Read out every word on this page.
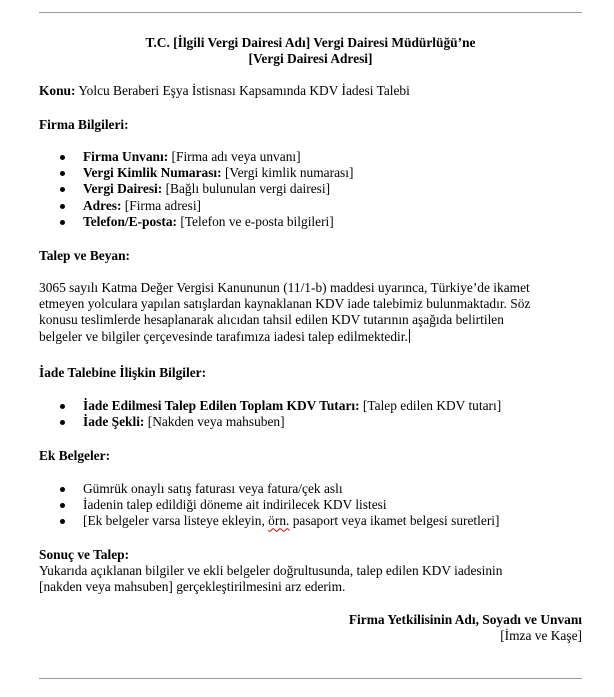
T.C. [İlgili Vergi Dairesi Adı] Vergi Dairesi Müdürlüğü’ne
[Vergi Dairesi Adresi]
Konu: Yolcu Beraberi Eşya İstisnası Kapsamında KDV İadesi Talebi
Firma Bilgileri:
Firma Unvanı: [Firma adı veya unvanı]
Vergi Kimlik Numarası: [Vergi kimlik numarası]
Vergi Dairesi: [Bağlı bulunulan vergi dairesi]
Adres: [Firma adresi]
Telefon/E-posta: [Telefon ve e-posta bilgileri]
Talep ve Beyan:
3065 sayılı Katma Değer Vergisi Kanununun (11/1-b) maddesi uyarınca, Türkiye’de ikamet
etmeyen yolculara yapılan satışlardan kaynaklanan KDV iade talebimiz bulunmaktadır. Söz
konusu teslimlerde hesaplanarak alıcıdan tahsil edilen KDV tutarının aşağıda belirtilen
belgeler ve bilgiler çerçevesinde tarafımıza iadesi talep edilmektedir.
İade Talebine İlişkin Bilgiler:
İade Edilmesi Talep Edilen Toplam KDV Tutarı: [Talep edilen KDV tutarı]
İade Şekli: [Nakden veya mahsuben]
Ek Belgeler:
Gümrük onaylı satış faturası veya fatura/çek aslı
İadenin talep edildiği döneme ait indirilecek KDV listesi
[Ek belgeler varsa listeye ekleyin, örn. pasaport veya ikamet belgesi suretleri]
Sonuç ve Talep:
Yukarıda açıklanan bilgiler ve ekli belgeler doğrultusunda, talep edilen KDV iadesinin
[nakden veya mahsuben] gerçekleştirilmesini arz ederim.
Firma Yetkilisinin Adı, Soyadı ve Unvanı
[İmza ve Kaşe]
